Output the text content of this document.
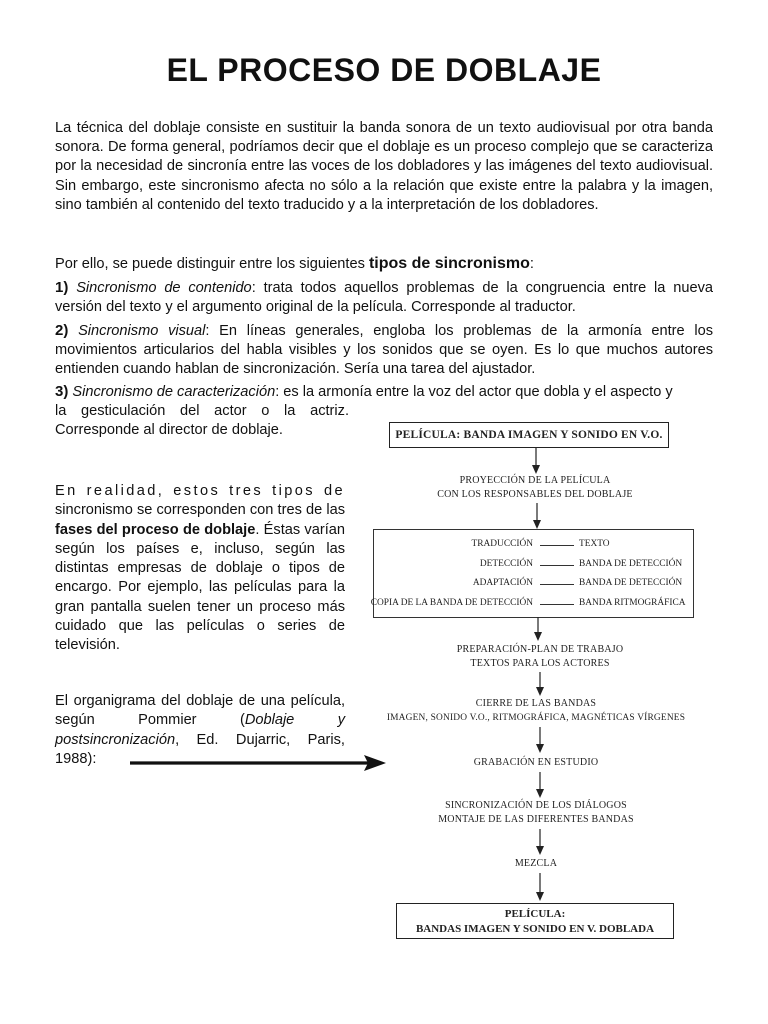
EL PROCESO DE DOBLAJE

La técnica del doblaje consiste en sustituir la banda sonora de un texto audiovisual por otra banda sonora. De forma general, podríamos decir que el doblaje es un proceso complejo que se caracteriza por la necesidad de sincronía entre las voces de los dobladores y las imágenes del texto audiovisual. Sin embargo, este sincronismo afecta no sólo a la relación que existe entre la palabra y la imagen, sino también al contenido del texto traducido y a la interpretación de los dobladores.

Por ello, se puede distinguir entre los siguientes tipos de sincronismo:

1) Sincronismo de contenido: trata todos aquellos problemas de la congruencia entre la nueva versión del texto y el argumento original de la película. Corresponde al traductor.

2) Sincronismo visual: En líneas generales, engloba los problemas de la armonía entre los movimientos articularios del habla visibles y los sonidos que se oyen. Es lo que muchos autores entienden cuando hablan de sincronización. Sería una tarea del ajustador.

3) Sincronismo de caracterización: es la armonía entre la voz del actor que dobla y el aspecto y
la gesticulación del actor o la actriz.
Corresponde al director de doblaje.

En realidad, estos tres tipos de sincronismo se corresponden con tres de las fases del proceso de doblaje. Éstas varían según los países e, incluso, según las distintas empresas de doblaje o tipos de encargo. Por ejemplo, las películas para la gran pantalla suelen tener un proceso más cuidado que las películas o series de televisión.

El organigrama del doblaje de una película, según Pommier (Doblaje y postsincronización, Ed. Dujarric, Paris, 1988):

PELÍCULA: BANDA IMAGEN Y SONIDO EN V.O.
PROYECCIÓN DE LA PELÍCULA
CON LOS RESPONSABLES DEL DOBLAJE
TRADUCCIÓN	TEXTO
DETECCIÓN	BANDA DE DETECCIÓN
ADAPTACIÓN	BANDA DE DETECCIÓN
COPIA DE LA BANDA DE DETECCIÓN	BANDA RITMOGRÁFICA
PREPARACIÓN-PLAN DE TRABAJO
TEXTOS PARA LOS ACTORES
CIERRE DE LAS BANDAS
IMAGEN, SONIDO V.O., RITMOGRÁFICA, MAGNÉTICAS VÍRGENES
GRABACIÓN EN ESTUDIO
SINCRONIZACIÓN DE LOS DIÁLOGOS
MONTAJE DE LAS DIFERENTES BANDAS
MEZCLA
PELÍCULA:
BANDAS IMAGEN Y SONIDO EN V. DOBLADA
